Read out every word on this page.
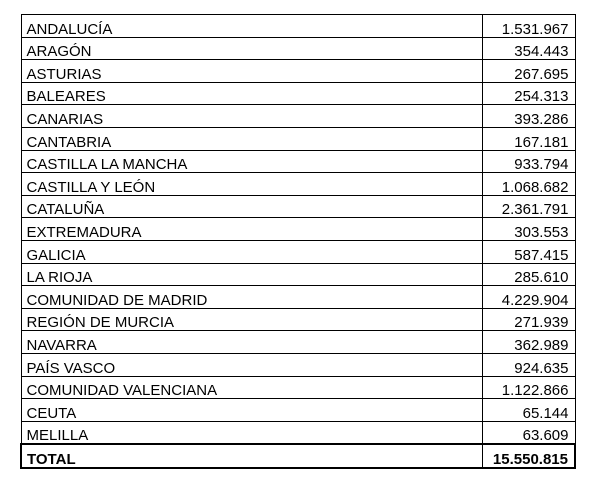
ANDALUCÍA	1.531.967
ARAGÓN	354.443
ASTURIAS	267.695
BALEARES	254.313
CANARIAS	393.286
CANTABRIA	167.181
CASTILLA LA MANCHA	933.794
CASTILLA Y LEÓN	1.068.682
CATALUÑA	2.361.791
EXTREMADURA	303.553
GALICIA	587.415
LA RIOJA	285.610
COMUNIDAD DE MADRID	4.229.904
REGIÓN DE MURCIA	271.939
NAVARRA	362.989
PAÍS VASCO	924.635
COMUNIDAD VALENCIANA	1.122.866
CEUTA	65.144
MELILLA	63.609
TOTAL	15.550.815
